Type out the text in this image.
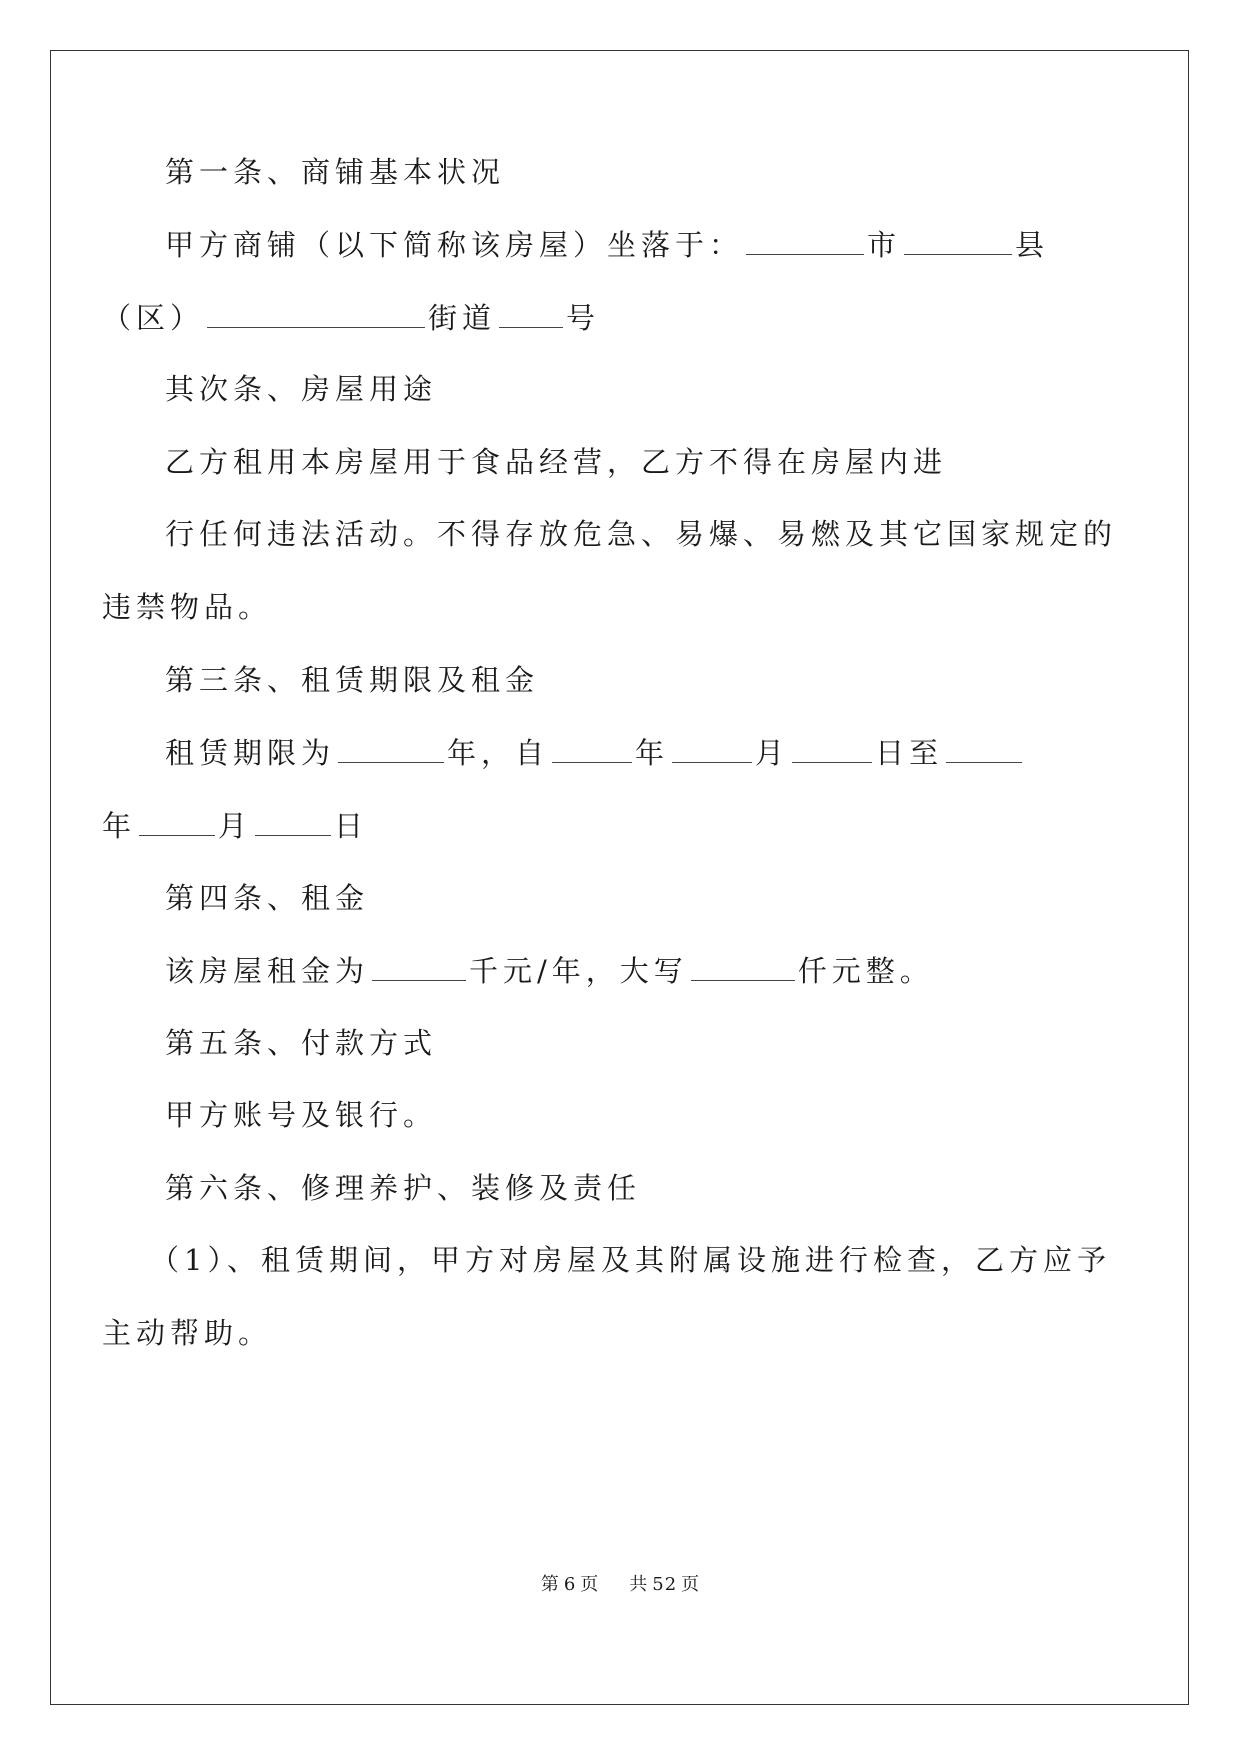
第一条、商铺基本状况
甲方商铺（以下简称该房屋）坐落于：	市	县
（区）	街道 号
其次条、房屋用途
乙方租用本房屋用于食品经营，乙方不得在房屋内进
行任何违法活动。不得存放危急、易爆、易燃及其它国家规定的
违禁物品。
第三条、租赁期限及租金
租赁期限为	年，自	年	月	日至
年	月	日
第四条、租金
该房屋租金为	千元/年，大写	仟元整。
第五条、付款方式
甲方账号及银行。
第六条、修理养护、装修及责任
（1）、租赁期间，甲方对房屋及其附属设施进行检查，乙方应予
主动帮助。
第 6 页 共 52 页
